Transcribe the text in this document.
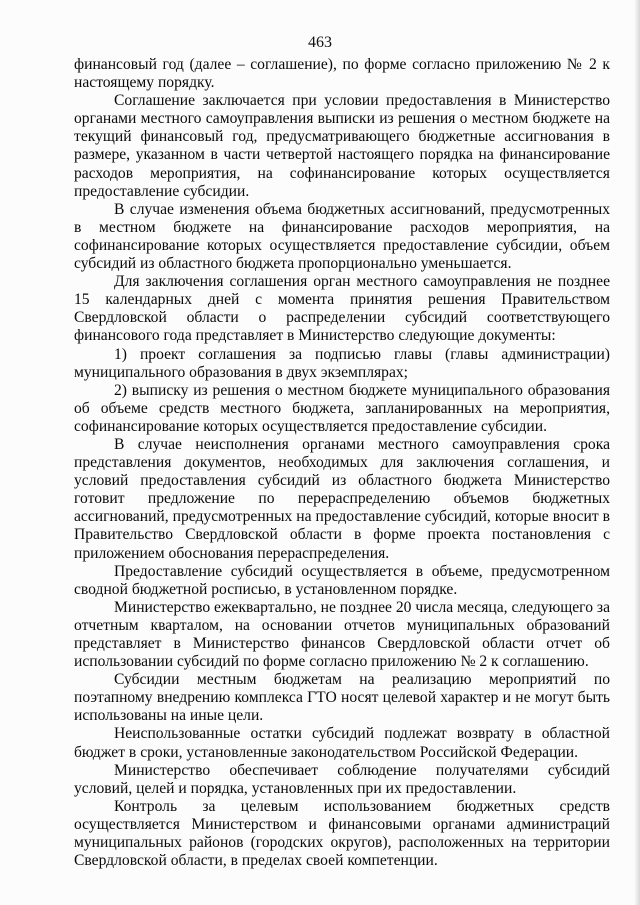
463

финансовый год (далее – соглашение), по форме согласно приложению № 2 к настоящему порядку.

Соглашение заключается при условии предоставления в Министерство органами местного самоуправления выписки из решения о местном бюджете на текущий финансовый год, предусматривающего бюджетные ассигнования в размере, указанном в части четвертой настоящего порядка на финансирование расходов мероприятия, на софинансирование которых осуществляется предоставление субсидии.

В случае изменения объема бюджетных ассигнований, предусмотренных в местном бюджете на финансирование расходов мероприятия, на софинансирование которых осуществляется предоставление субсидии, объем субсидий из областного бюджета пропорционально уменьшается.

Для заключения соглашения орган местного самоуправления не позднее 15 календарных дней с момента принятия решения Правительством Свердловской области о распределении субсидий соответствующего финансового года представляет в Министерство следующие документы:

1) проект соглашения за подписью главы (главы администрации) муниципального образования в двух экземплярах;

2) выписку из решения о местном бюджете муниципального образования об объеме средств местного бюджета, запланированных на мероприятия, софинансирование которых осуществляется предоставление субсидии.

В случае неисполнения органами местного самоуправления срока представления документов, необходимых для заключения соглашения, и условий предоставления субсидий из областного бюджета Министерство готовит предложение по перераспределению объемов бюджетных ассигнований, предусмотренных на предоставление субсидий, которые вносит в Правительство Свердловской области в форме проекта постановления с приложением обоснования перераспределения.

Предоставление субсидий осуществляется в объеме, предусмотренном сводной бюджетной росписью, в установленном порядке.

Министерство ежеквартально, не позднее 20 числа месяца, следующего за отчетным кварталом, на основании отчетов муниципальных образований представляет в Министерство финансов Свердловской области отчет об использовании субсидий по форме согласно приложению № 2 к соглашению.

Субсидии местным бюджетам на реализацию мероприятий по поэтапному внедрению комплекса ГТО носят целевой характер и не могут быть использованы на иные цели.

Неиспользованные остатки субсидий подлежат возврату в областной бюджет в сроки, установленные законодательством Российской Федерации.

Министерство обеспечивает соблюдение получателями субсидий условий, целей и порядка, установленных при их предоставлении.

Контроль за целевым использованием бюджетных средств осуществляется Министерством и финансовыми органами администраций муниципальных районов (городских округов), расположенных на территории Свердловской области, в пределах своей компетенции.
